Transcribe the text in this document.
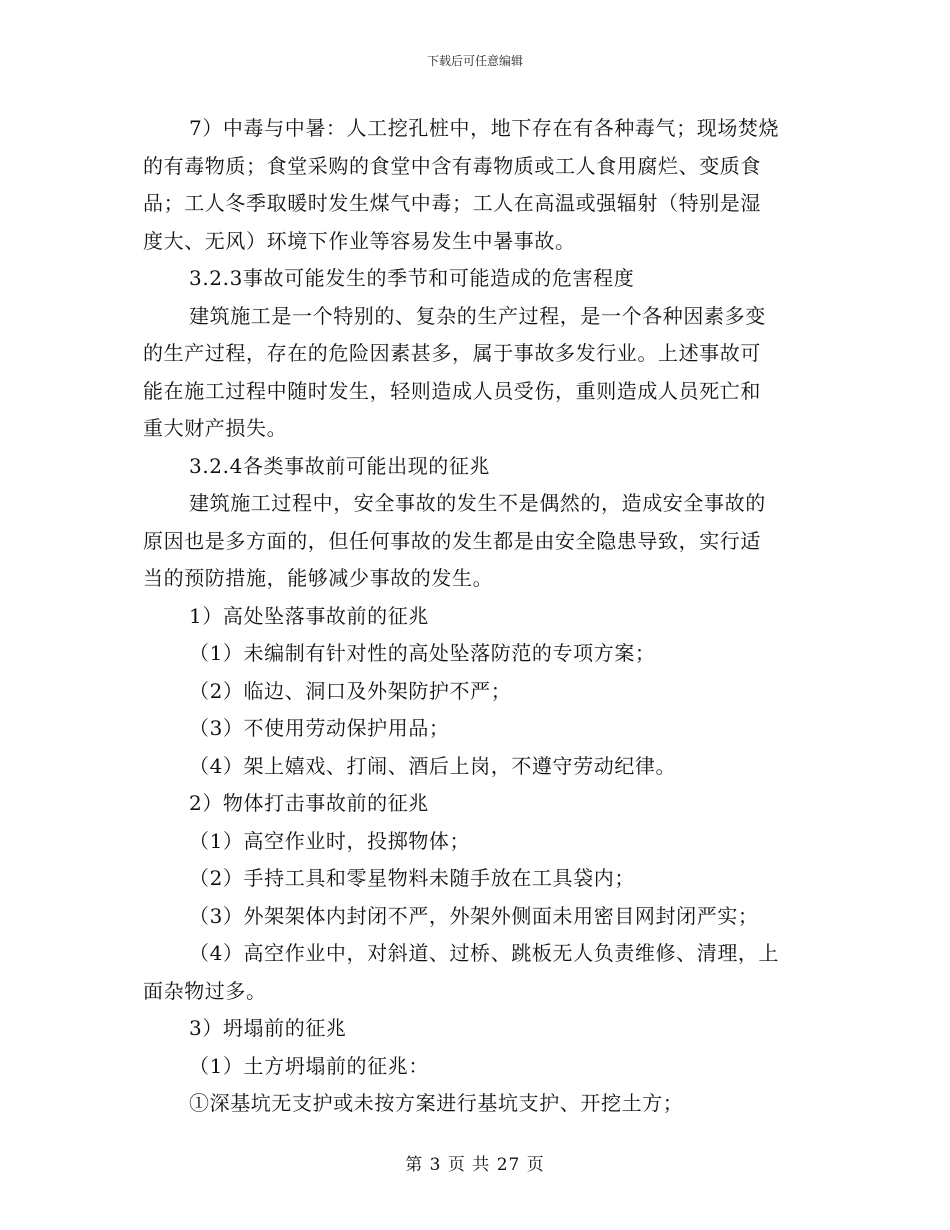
下载后可任意编辑
7）中毒与中暑：人工挖孔桩中，地下存在有各种毒气；现场焚烧
的有毒物质；食堂采购的食堂中含有毒物质或工人食用腐烂、变质食
品；工人冬季取暖时发生煤气中毒；工人在高温或强辐射（特别是湿
度大、无风）环境下作业等容易发生中暑事故。
3.2.3事故可能发生的季节和可能造成的危害程度
建筑施工是一个特别的、复杂的生产过程，是一个各种因素多变
的生产过程，存在的危险因素甚多，属于事故多发行业。上述事故可
能在施工过程中随时发生，轻则造成人员受伤，重则造成人员死亡和
重大财产损失。
3.2.4各类事故前可能出现的征兆
建筑施工过程中，安全事故的发生不是偶然的，造成安全事故的
原因也是多方面的，但任何事故的发生都是由安全隐患导致，实行适
当的预防措施，能够减少事故的发生。
1）高处坠落事故前的征兆
（1）未编制有针对性的高处坠落防范的专项方案；
（2）临边、洞口及外架防护不严；
（3）不使用劳动保护用品；
（4）架上嬉戏、打闹、酒后上岗，不遵守劳动纪律。
2）物体打击事故前的征兆
（1）高空作业时，投掷物体；
（2）手持工具和零星物料未随手放在工具袋内；
（3）外架架体内封闭不严，外架外侧面未用密目网封闭严实；
（4）高空作业中，对斜道、过桥、跳板无人负责维修、清理，上
面杂物过多。
3）坍塌前的征兆
（1）土方坍塌前的征兆：
①深基坑无支护或未按方案进行基坑支护、开挖土方；
第 3 页 共 27 页
